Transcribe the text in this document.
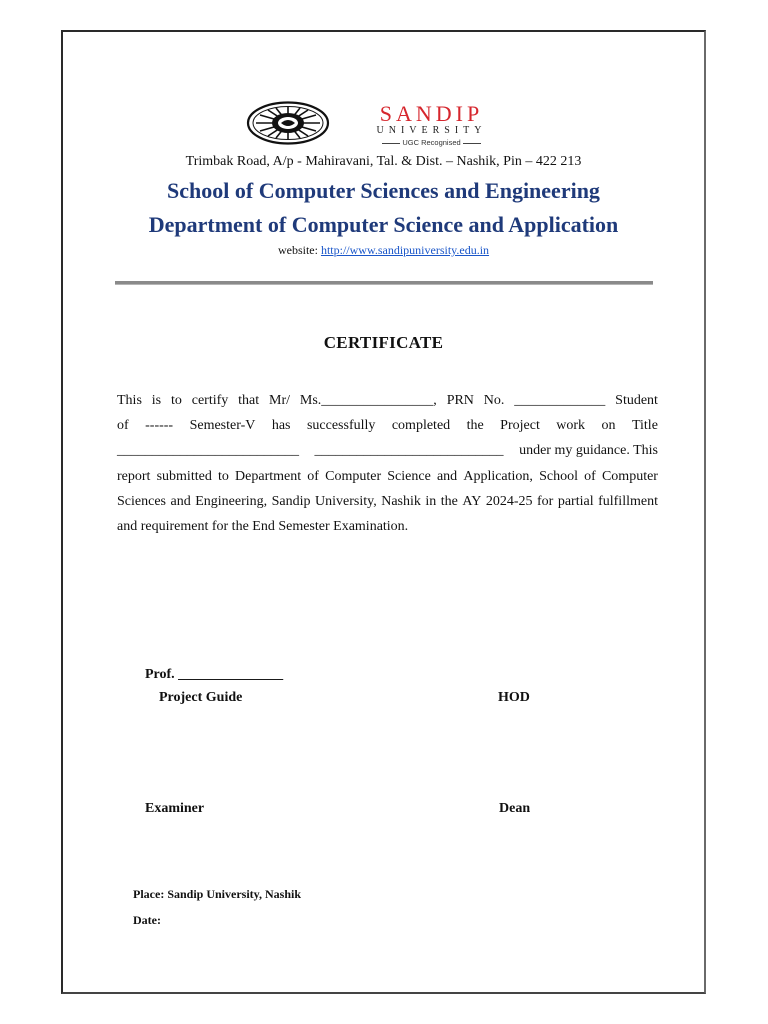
SANDIP
UNIVERSITY
UGC Recognised
Trimbak Road, A/p - Mahiravani, Tal. & Dist. – Nashik, Pin – 422 213
School of Computer Sciences and Engineering
Department of Computer Science and Application
website: http://www.sandipuniversity.edu.in
CERTIFICATE
This is to certify that Mr/ Ms.________________, PRN No. _____________ Student
of ------ Semester-V has successfully completed the Project work on Title
__________________________ ___________________________ under my guidance. This
report submitted to Department of Computer Science and Application, School of Computer
Sciences and Engineering, Sandip University, Nashik in the AY 2024-25 for partial fulfillment
and requirement for the End Semester Examination.
Prof. _______________
Project Guide	HOD
Examiner	Dean
Place: Sandip University, Nashik
Date:
